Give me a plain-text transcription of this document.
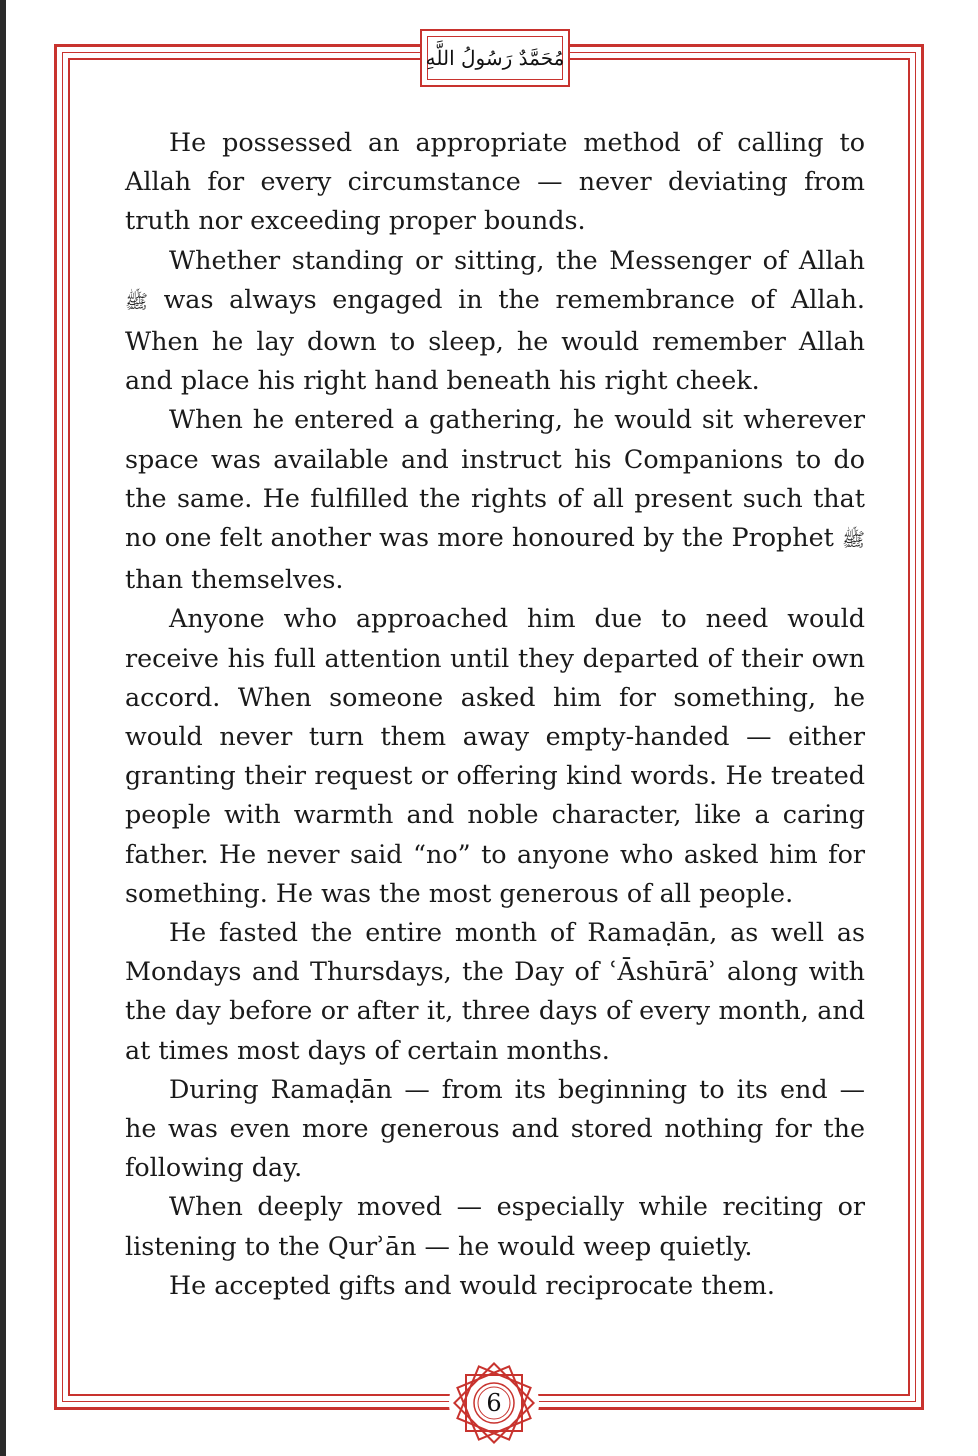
مُحَمَّدٌ رَسُولُ اللَّهِ

He possessed an appropriate method of calling to Allah for every circumstance — never deviating from truth nor exceeding proper bounds.

Whether standing or sitting, the Messenger of Allah ﷺ was always engaged in the remembrance of Allah. When he lay down to sleep, he would remember Allah and place his right hand beneath his right cheek.

When he entered a gathering, he would sit wherever space was available and instruct his Companions to do the same. He fulfilled the rights of all present such that no one felt another was more honoured by the Prophet ﷺ than themselves.

Anyone who approached him due to need would receive his full attention until they departed of their own accord. When someone asked him for something, he would never turn them away empty-handed — either granting their request or offering kind words. He treated people with warmth and noble character, like a caring father. He never said “no” to anyone who asked him for something. He was the most generous of all people.

He fasted the entire month of Ramaḍān, as well as Mondays and Thursdays, the Day of ʿĀshūrāʾ along with the day before or after it, three days of every month, and at times most days of certain months.

During Ramaḍān — from its beginning to its end — he was even more generous and stored nothing for the following day.

When deeply moved — especially while reciting or listening to the Qurʾān — he would weep quietly.

He accepted gifts and would reciprocate them.

6
